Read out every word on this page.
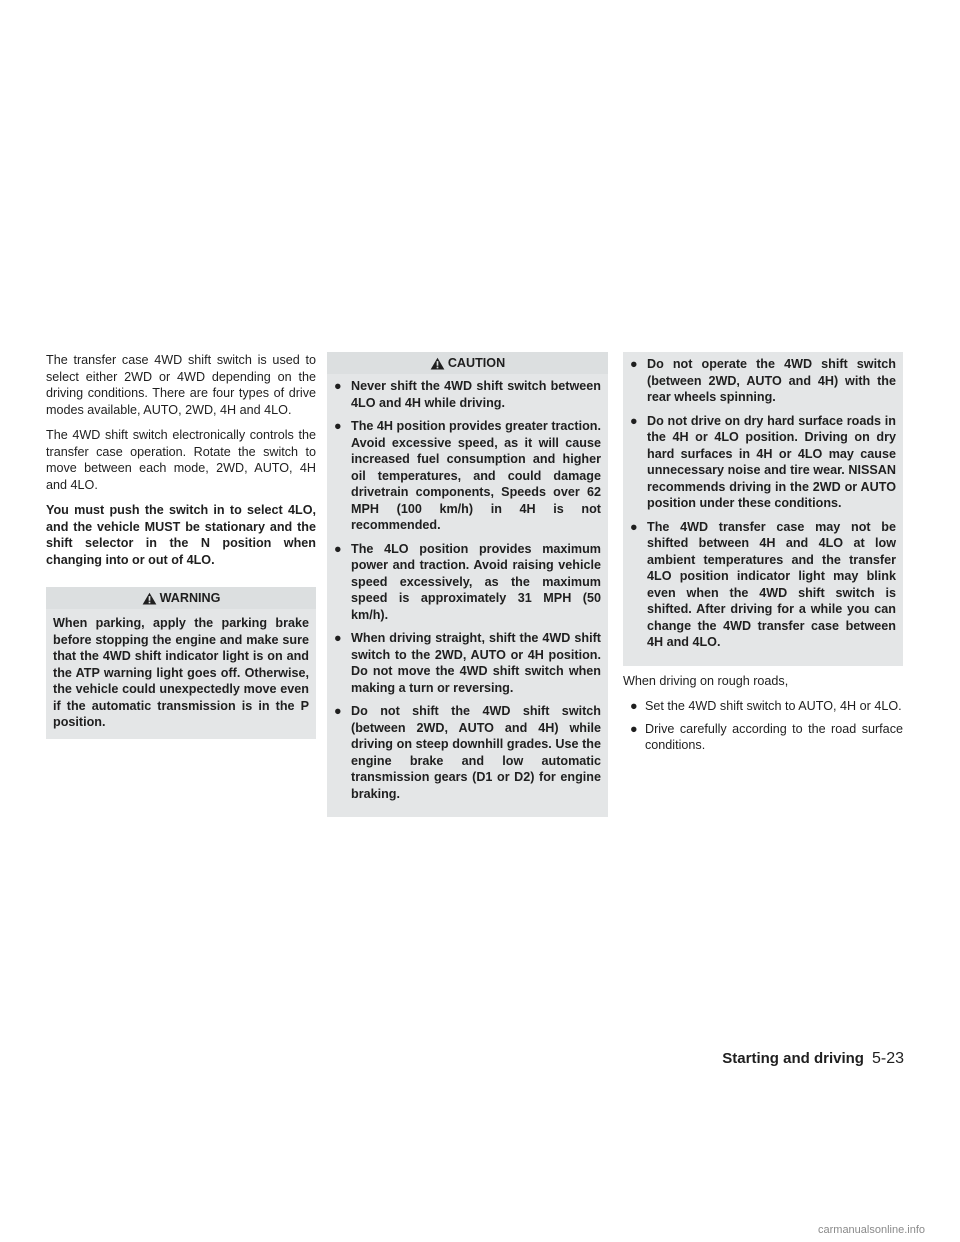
The transfer case 4WD shift switch is used to select either 2WD or 4WD depending on the driving conditions. There are four types of drive modes available, AUTO, 2WD, 4H and 4LO.

The 4WD shift switch electronically controls the transfer case operation. Rotate the switch to move between each mode, 2WD, AUTO, 4H and 4LO.

You must push the switch in to select 4LO, and the vehicle MUST be stationary and the shift selector in the N position when changing into or out of 4LO.

WARNING

When parking, apply the parking brake before stopping the engine and make sure that the 4WD shift indicator light is on and the ATP warning light goes off. Otherwise, the vehicle could unexpectedly move even if the automatic transmission is in the P position.

CAUTION
● Never shift the 4WD shift switch between 4LO and 4H while driving.
● The 4H position provides greater traction. Avoid excessive speed, as it will cause increased fuel consumption and higher oil temperatures, and could damage drivetrain components, Speeds over 62 MPH (100 km/h) in 4H is not recommended.
● The 4LO position provides maximum power and traction. Avoid raising vehicle speed excessively, as the maximum speed is approximately 31 MPH (50 km/h).
● When driving straight, shift the 4WD shift switch to the 2WD, AUTO or 4H position. Do not move the 4WD shift switch when making a turn or reversing.
● Do not shift the 4WD shift switch (between 2WD, AUTO and 4H) while driving on steep downhill grades. Use the engine brake and low automatic transmission gears (D1 or D2) for engine braking.
● Do not operate the 4WD shift switch (between 2WD, AUTO and 4H) with the rear wheels spinning.
● Do not drive on dry hard surface roads in the 4H or 4LO position. Driving on dry hard surfaces in 4H or 4LO may cause unnecessary noise and tire wear. NISSAN recommends driving in the 2WD or AUTO position under these conditions.
● The 4WD transfer case may not be shifted between 4H and 4LO at low ambient temperatures and the transfer 4LO position indicator light may blink even when the 4WD shift switch is shifted. After driving for a while you can change the 4WD transfer case between 4H and 4LO.

When driving on rough roads,

● Set the 4WD shift switch to AUTO, 4H or 4LO.
● Drive carefully according to the road surface conditions.
Starting and driving 5-23
carmanualsonline.info
